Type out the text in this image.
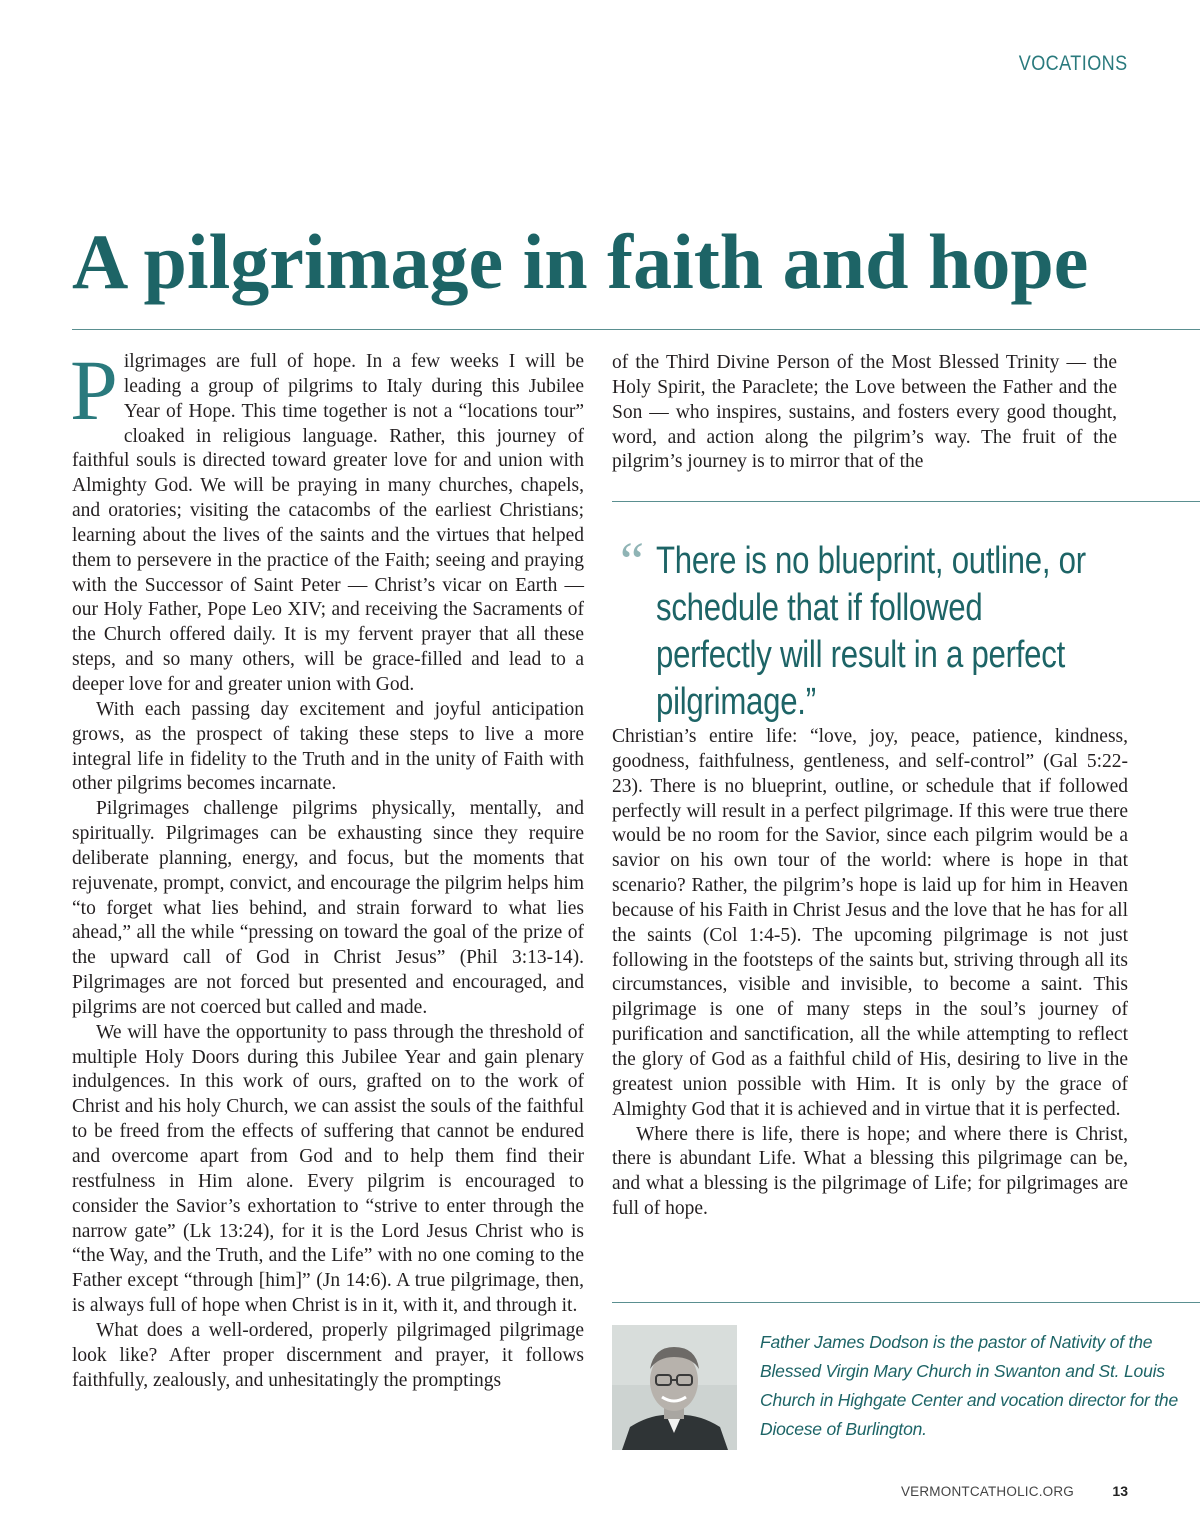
VOCATIONS
A pilgrimage in faith and hope

Pilgrimages are full of hope. In a few weeks I will be leading a group of pilgrims to Italy during this Jubilee Year of Hope. This time together is not a “locations tour” cloaked in religious language. Rather, this journey of faithful souls is directed toward greater love for and union with Almighty God. We will be praying in many churches, chapels, and oratories; visiting the catacombs of the earliest Christians; learning about the lives of the saints and the virtues that helped them to persevere in the practice of the Faith; seeing and praying with the Successor of Saint Peter — Christ’s vicar on Earth — our Holy Father, Pope Leo XIV; and receiving the Sacraments of the Church offered daily. It is my fervent prayer that all these steps, and so many others, will be grace-filled and lead to a deeper love for and greater union with God.

With each passing day excitement and joyful anticipation grows, as the prospect of taking these steps to live a more integral life in fidelity to the Truth and in the unity of Faith with other pilgrims becomes incarnate.

Pilgrimages challenge pilgrims physically, mentally, and spiritually. Pilgrimages can be exhausting since they require deliberate planning, energy, and focus, but the moments that rejuvenate, prompt, convict, and encourage the pilgrim helps him “to forget what lies behind, and strain forward to what lies ahead,” all the while “pressing on toward the goal of the prize of the upward call of God in Christ Jesus” (Phil 3:13-14). Pilgrimages are not forced but presented and encouraged, and pilgrims are not coerced but called and made.

We will have the opportunity to pass through the threshold of multiple Holy Doors during this Jubilee Year and gain plenary indulgences. In this work of ours, grafted on to the work of Christ and his holy Church, we can assist the souls of the faithful to be freed from the effects of suffering that cannot be endured and overcome apart from God and to help them find their restfulness in Him alone. Every pilgrim is encouraged to consider the Savior’s exhortation to “strive to enter through the narrow gate” (Lk 13:24), for it is the Lord Jesus Christ who is “the Way, and the Truth, and the Life” with no one coming to the Father except “through [him]” (Jn 14:6). A true pilgrimage, then, is always full of hope when Christ is in it, with it, and through it.

What does a well-ordered, properly pilgrimaged pilgrimage look like? After proper discernment and prayer, it follows faithfully, zealously, and unhesitatingly the promptings

of the Third Divine Person of the Most Blessed Trinity — the Holy Spirit, the Paraclete; the Love between the Father and the Son — who inspires, sustains, and fosters every good thought, word, and action along the pilgrim’s way. The fruit of the pilgrim’s journey is to mirror that of the

“ There is no blueprint, outline, or schedule that if followed perfectly will result in a perfect pilgrimage.”

Christian’s entire life: “love, joy, peace, patience, kindness, goodness, faithfulness, gentleness, and self-control” (Gal 5:22-23). There is no blueprint, outline, or schedule that if followed perfectly will result in a perfect pilgrimage. If this were true there would be no room for the Savior, since each pilgrim would be a savior on his own tour of the world: where is hope in that scenario? Rather, the pilgrim’s hope is laid up for him in Heaven because of his Faith in Christ Jesus and the love that he has for all the saints (Col 1:4-5). The upcoming pilgrimage is not just following in the footsteps of the saints but, striving through all its circumstances, visible and invisible, to become a saint. This pilgrimage is one of many steps in the soul’s journey of purification and sanctification, all the while attempting to reflect the glory of God as a faithful child of His, desiring to live in the greatest union possible with Him. It is only by the grace of Almighty God that it is achieved and in virtue that it is perfected.

Where there is life, there is hope; and where there is Christ, there is abundant Life. What a blessing this pilgrimage can be, and what a blessing is the pilgrimage of Life; for pilgrimages are full of hope.

Father James Dodson is the pastor of Nativity of the Blessed Virgin Mary Church in Swanton and St. Louis Church in Highgate Center and vocation director for the Diocese of Burlington.
VERMONTCATHOLIC.ORG	13
